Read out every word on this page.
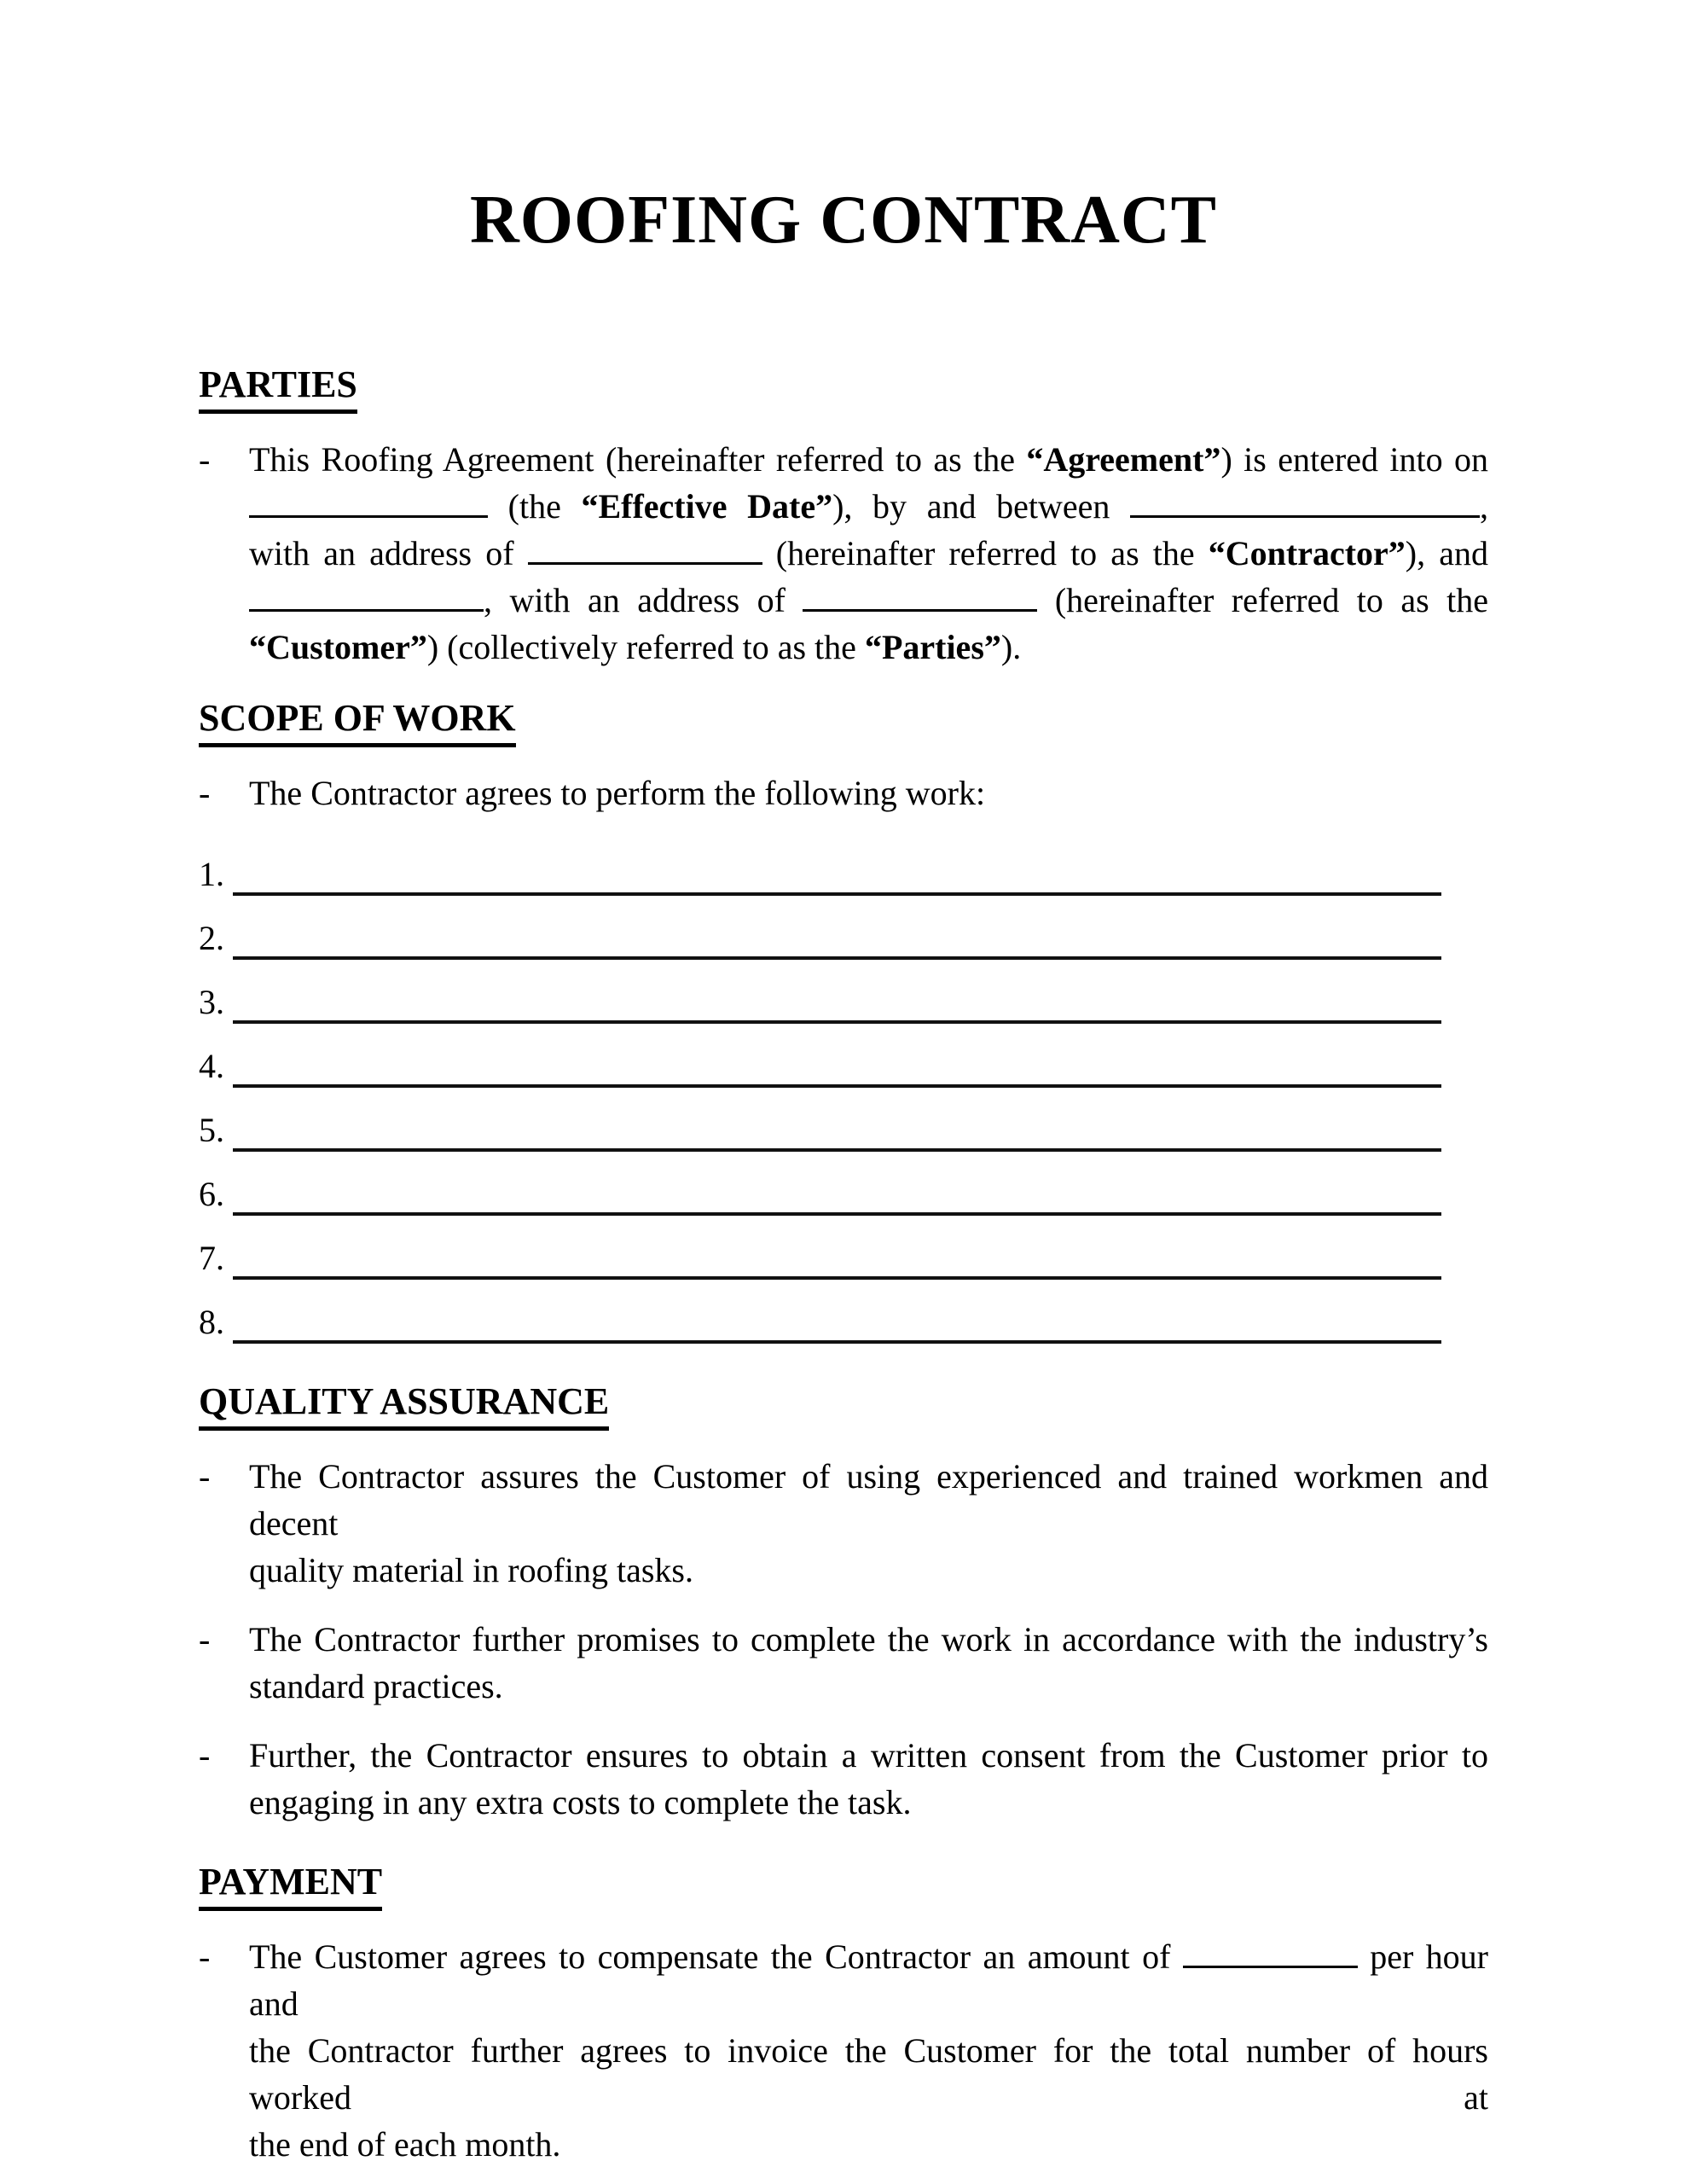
ROOFING CONTRACT
PARTIES
-	This Roofing Agreement (hereinafter referred to as the “Agreement”) is entered into on
(the “Effective Date”), by and between	,
with an address of	(hereinafter referred to as the “Contractor”), and
, with an address of	(hereinafter referred to as the
“Customer”) (collectively referred to as the “Parties”).
SCOPE OF WORK
-	The Contractor agrees to perform the following work:
1.
2.
3.
4.
5.
6.
7.
8.
QUALITY ASSURANCE
-	The Contractor assures the Customer of using experienced and trained workmen and decent
quality material in roofing tasks.
-	The Contractor further promises to complete the work in accordance with the industry’s
standard practices.
-	Further, the Contractor ensures to obtain a written consent from the Customer prior to
engaging in any extra costs to complete the task.
PAYMENT
-	The Customer agrees to compensate the Contractor an amount of	per hour and
the Contractor further agrees to invoice the Customer for the total number of hours worked at
the end of each month.
